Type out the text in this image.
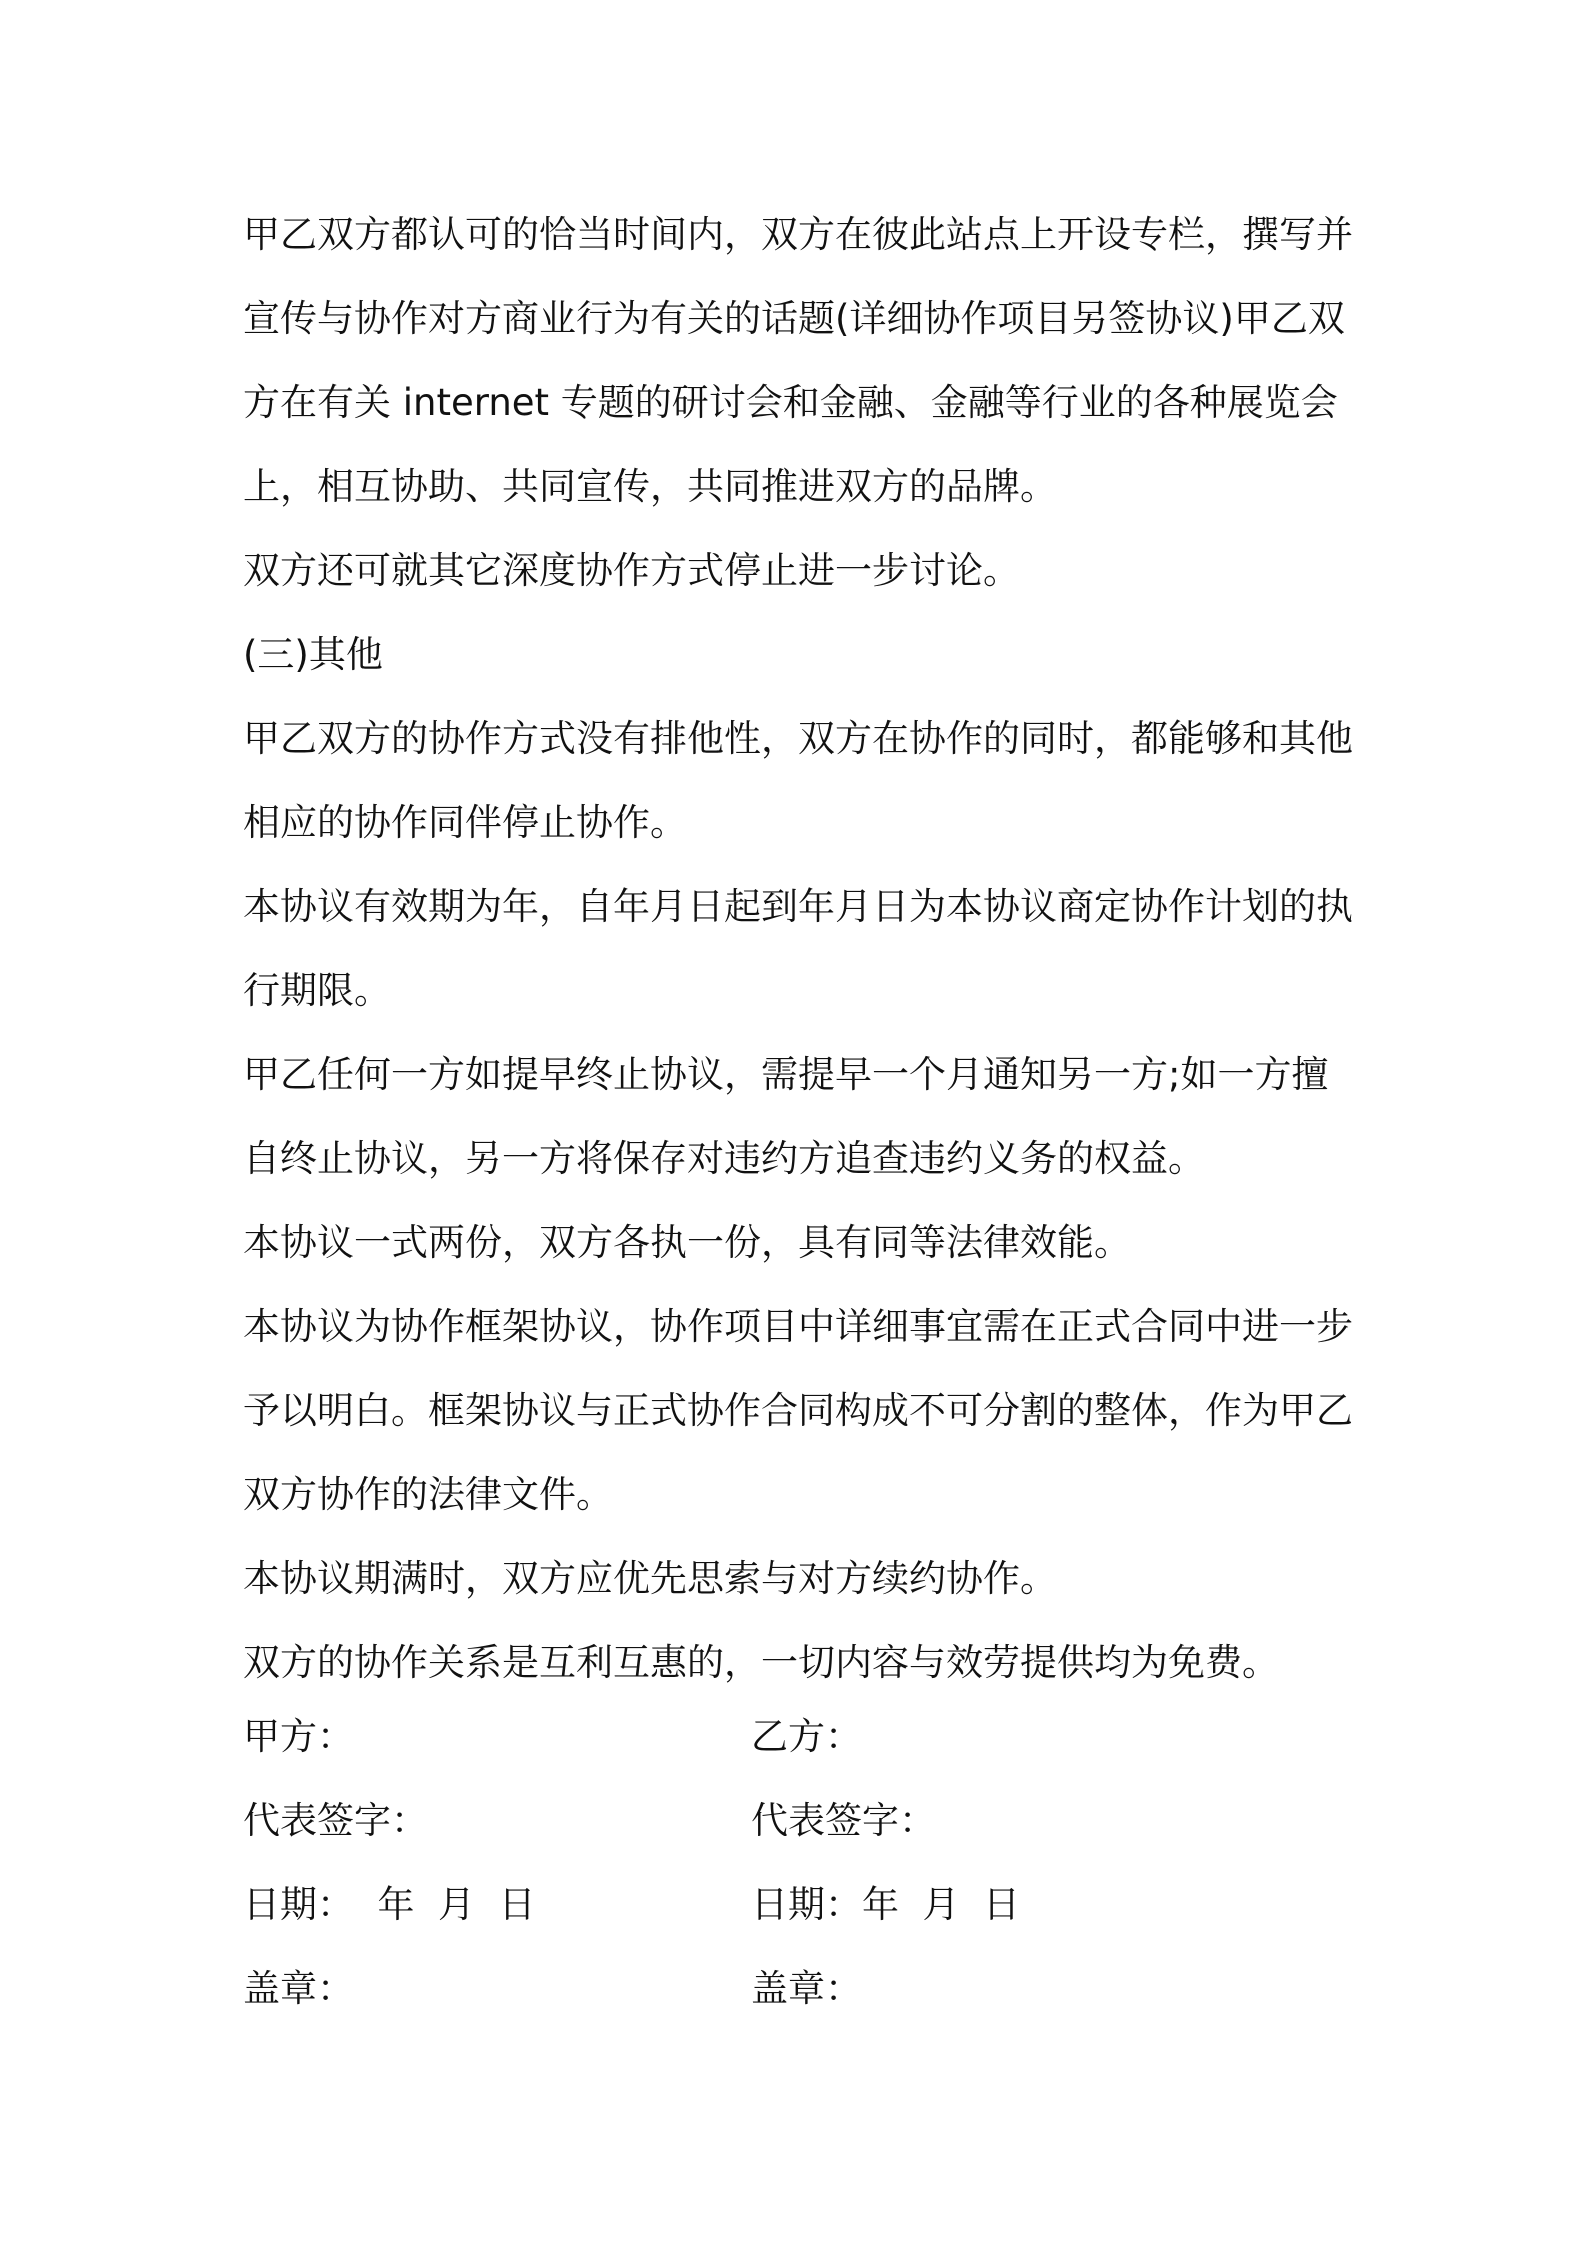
甲乙双方都认可的恰当时间内，双方在彼此站点上开设专栏，撰写并宣传与协作对方商业行为有关的话题(详细协作项目另签协议)甲乙双方在有关 internet 专题的研讨会和金融、金融等行业的各种展览会上，相互协助、共同宣传，共同推进双方的品牌。

双方还可就其它深度协作方式停止进一步讨论。

(三)其他

甲乙双方的协作方式没有排他性，双方在协作的同时，都能够和其他相应的协作同伴停止协作。

本协议有效期为年，自年月日起到年月日为本协议商定协作计划的执行期限。

甲乙任何一方如提早终止协议，需提早一个月通知另一方;如一方擅自终止协议，另一方将保存对违约方追查违约义务的权益。

本协议一式两份，双方各执一份，具有同等法律效能。

本协议为协作框架协议，协作项目中详细事宜需在正式合同中进一步予以明白。框架协议与正式协作合同构成不可分割的整体，作为甲乙双方协作的法律文件。

本协议期满时，双方应优先思索与对方续约协作。

双方的协作关系是互利互惠的，一切内容与效劳提供均为免费。

甲方：	乙方：
代表签字：	代表签字：
日期：  年  月  日	日期：年  月  日
盖章：	盖章：
